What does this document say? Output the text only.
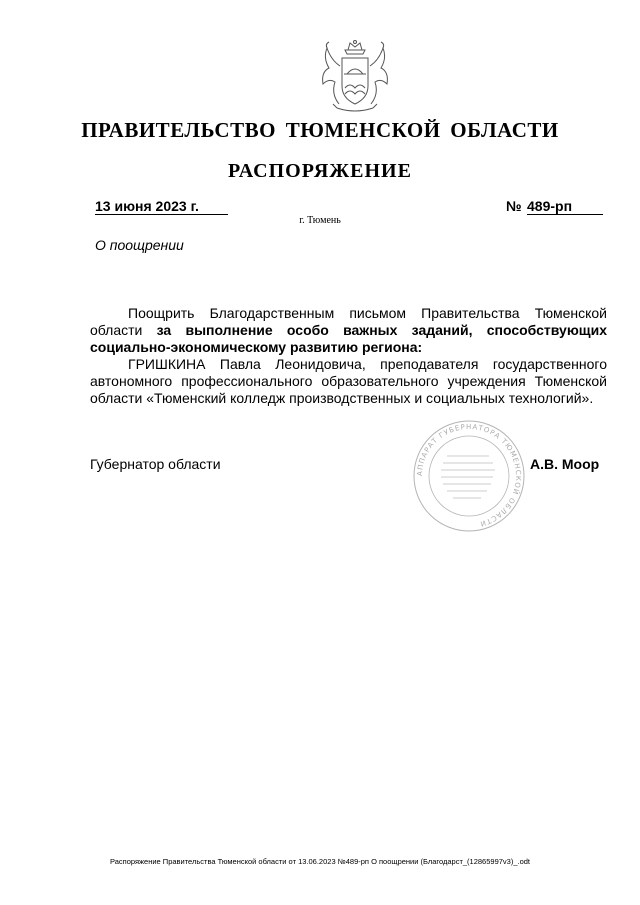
ПРАВИТЕЛЬСТВО ТЮМЕНСКОЙ ОБЛАСТИ
РАСПОРЯЖЕНИЕ
13 июня 2023 г.	№ 489-рп
г. Тюмень
О поощрении
Поощрить Благодарственным письмом Правительства Тюменской области за выполнение особо важных заданий, способствующих социально-экономическому развитию региона:
ГРИШКИНА Павла Леонидовича, преподавателя государственного автономного профессионального образовательного учреждения Тюменской области «Тюменский колледж производственных и социальных технологий».
Губернатор области	А.В. Моор
АППАРАТ ГУБЕРНАТОРА ТЮМЕНСКОЙ ОБЛАСТИ
Распоряжение Правительства Тюменской области от 13.06.2023 №489-рп О поощрении (Благодарст_(12865997v3)_.odt
